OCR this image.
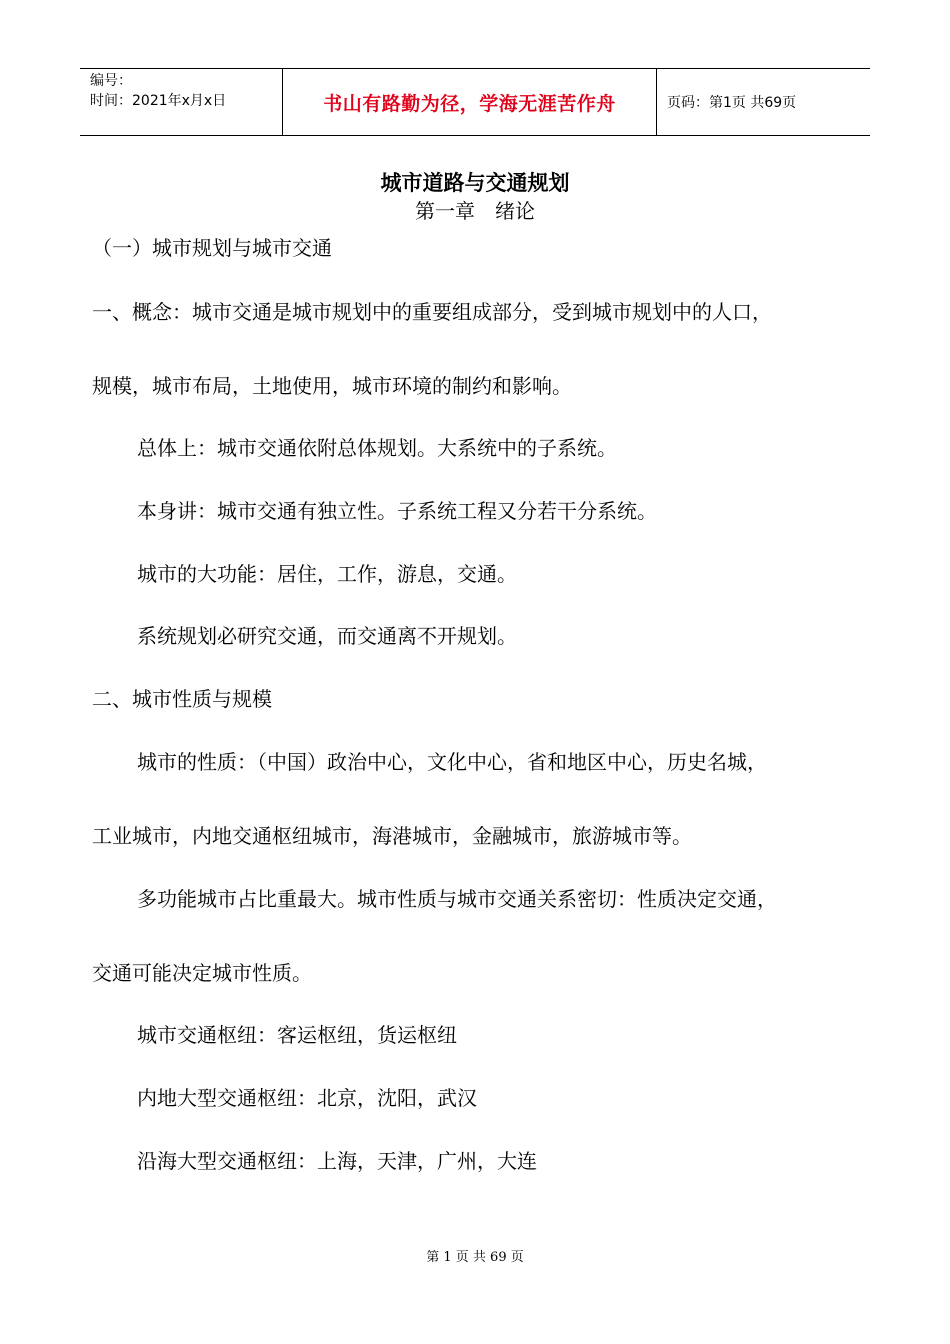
编号：
时间：2021年x月x日	书山有路勤为径，学海无涯苦作舟	页码：第1页 共69页
城市道路与交通规划
第一章　绪论
（一）城市规划与城市交通
一、概念：城市交通是城市规划中的重要组成部分，受到城市规划中的人口，
规模，城市布局，土地使用，城市环境的制约和影响。
总体上：城市交通依附总体规划。大系统中的子系统。
本身讲：城市交通有独立性。子系统工程又分若干分系统。
城市的大功能：居住，工作，游息，交通。
系统规划必研究交通，而交通离不开规划。
二、城市性质与规模
城市的性质：（中国）政治中心，文化中心，省和地区中心，历史名城，
工业城市，内地交通枢纽城市，海港城市，金融城市，旅游城市等。
多功能城市占比重最大。城市性质与城市交通关系密切：性质决定交通，
交通可能决定城市性质。
城市交通枢纽：客运枢纽，货运枢纽
内地大型交通枢纽：北京，沈阳，武汉
沿海大型交通枢纽：上海，天津，广州，大连
第 1 页 共 69 页
